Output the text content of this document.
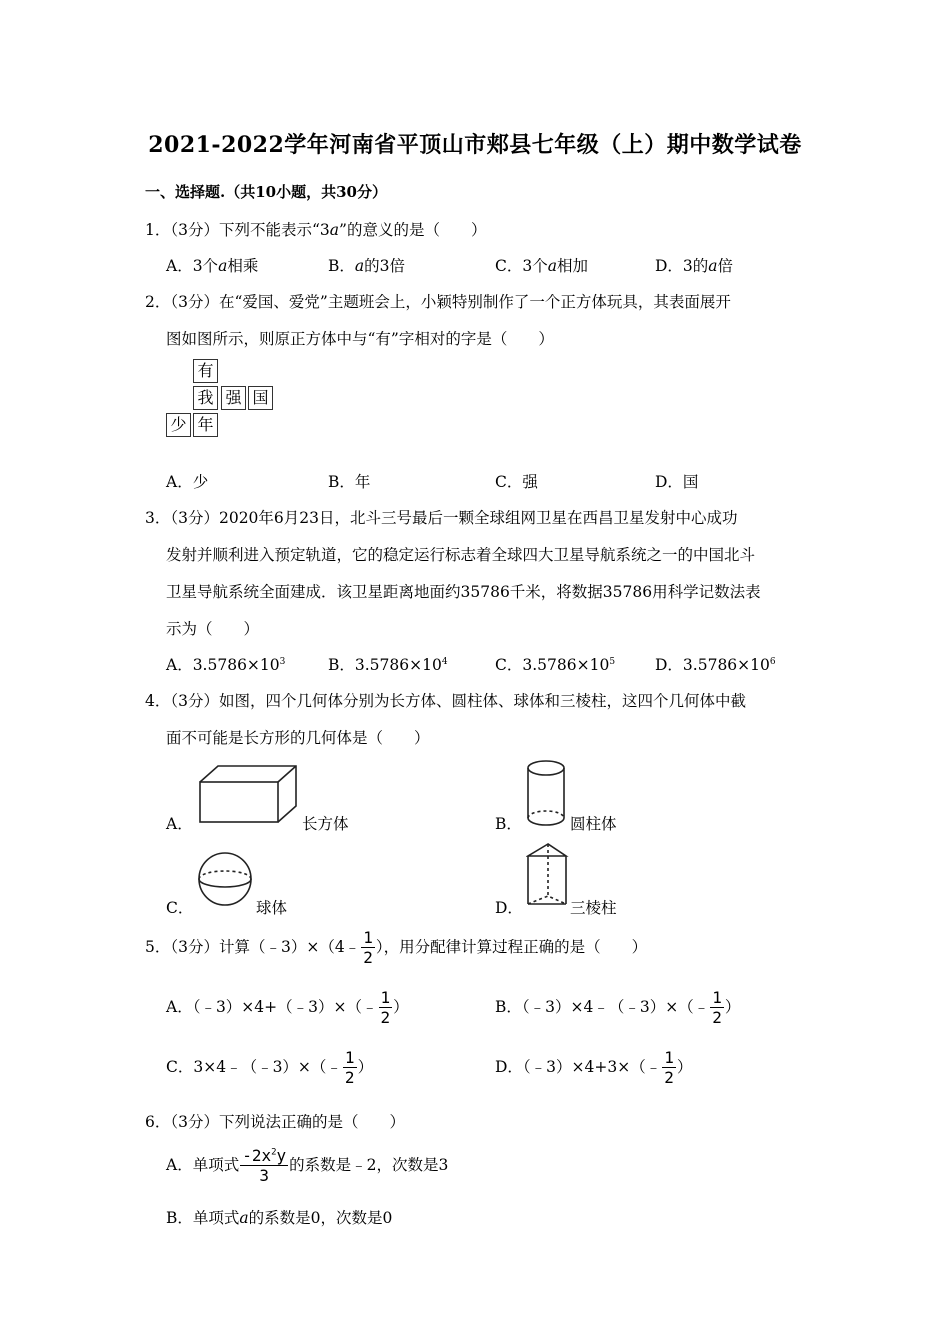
2021-2022学年河南省平顶山市郏县七年级（上）期中数学试卷
一、选择题.（共10小题，共30分）
1．（3分）下列不能表示“3a”的意义的是（　　）
A．3个a相乘	B．a的3倍	C．3个a相加	D．3的a倍
2．（3分）在“爱国、爱党”主题班会上，小颖特别制作了一个正方体玩具，其表面展开
图如图所示，则原正方体中与“有”字相对的字是（　　）
有
我 强 国
少 年
A．少	B．年	C．强	D．国
3．（3分）2020年6月23日，北斗三号最后一颗全球组网卫星在西昌卫星发射中心成功
发射并顺利进入预定轨道，它的稳定运行标志着全球四大卫星导航系统之一的中国北斗
卫星导航系统全面建成．该卫星距离地面约35786千米，将数据35786用科学记数法表
示为（　　）
A．$3.5786\times 10^3$	B．$3.5786\times 10^4$	C．$3.5786\times 10^5$	D．$3.5786\times 10^6$
4．（3分）如图，四个几何体分别为长方体、圆柱体、球体和三棱柱，这四个几何体中截
面不可能是长方形的几何体是（　　）
A．	长方体	B．	圆柱体
C．	球体	D．	三棱柱
5．（3分）计算（﹣3）×（4﹣ $\frac{1}{2}$ ），用分配律计算过程正确的是（　　）
A．（﹣3）×4+（﹣3）×（﹣ $\frac{1}{2}$ ）	B．（﹣3）×4﹣（﹣3）×（﹣ $\frac{1}{2}$ ）
C．3×4﹣（﹣3）×（﹣ $\frac{1}{2}$ ）	D．（﹣3）×4+3×（﹣ $\frac{1}{2}$ ）
6．（3分）下列说法正确的是（　　）
A．单项式 $\frac{-2x^2y}{3}$ 的系数是﹣2，次数是3
B．单项式a的系数是0，次数是0
